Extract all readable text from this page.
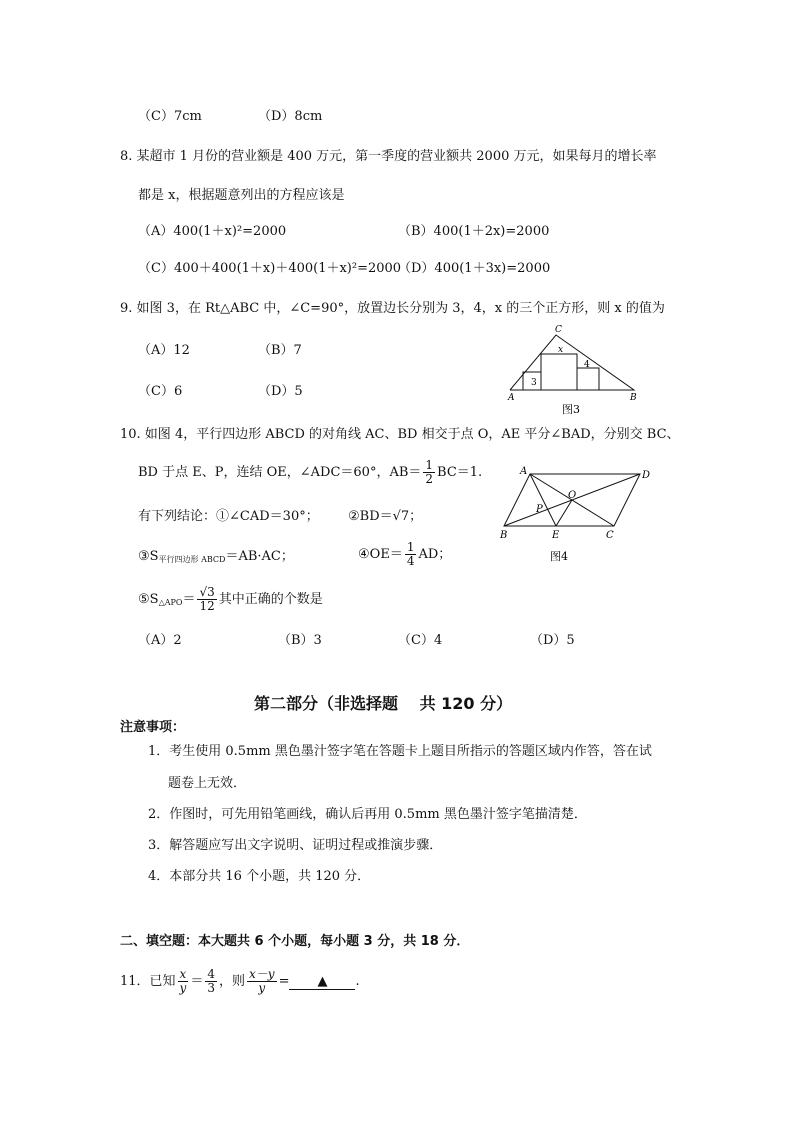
（C）7cm	（D）8cm
8. 某超市 1 月份的营业额是 400 万元，第一季度的营业额共 2000 万元，如果每月的增长率
都是 x，根据题意列出的方程应该是
（A）400(1＋x)²=2000	（B）400(1＋2x)=2000
（C）400＋400(1＋x)＋400(1＋x)²=2000
（D）400(1＋3x)=2000
9. 如图 3，在 Rt△ABC 中，∠C=90°，放置边长分别为 3，4，x 的三个正方形，则 x 的值为
（A）12	（B）7
（C）6	（D）5
C
A	B
3
x
4
图3
10. 如图 4，平行四边形 ABCD 的对角线 AC、BD 相交于点 O，AE 平分∠BAD，分别交 BC、
BD 于点 E、P，连结 OE，∠ADC＝60°，$AB= \frac{1}{2} BC=1$.
有下列结论：①∠CAD＝30°； ②BD＝√7；
$③S_{平行四边形 ABCD}=AB\cdot AC$；	④OE＝ $\frac{1}{4}$ AD；
$⑤S_{\triangle APO}= \frac{√3}{12}$ 其中正确的个数是
（A）2	（B）3	（C）4	（D）5
A	D
B	C
O
P
E
图4
第二部分（非选择题　 共 120 分）
注意事项：
1．考生使用 0.5mm 黑色墨汁签字笔在答题卡上题目所指示的答题区域内作答，答在试
题卷上无效．
2．作图时，可先用铅笔画线，确认后再用 0.5mm 黑色墨汁签字笔描清楚．
3．解答题应写出文字说明、证明过程或推演步骤．
4．本部分共 16 个小题，共 120 分．
二、填空题：本大题共 6 个小题，每小题 3 分，共 18 分．
11．已知 $\frac{x}{y} = \frac{4}{3}$ ，则 $\frac{x-y}{y}$ = ▲ .
